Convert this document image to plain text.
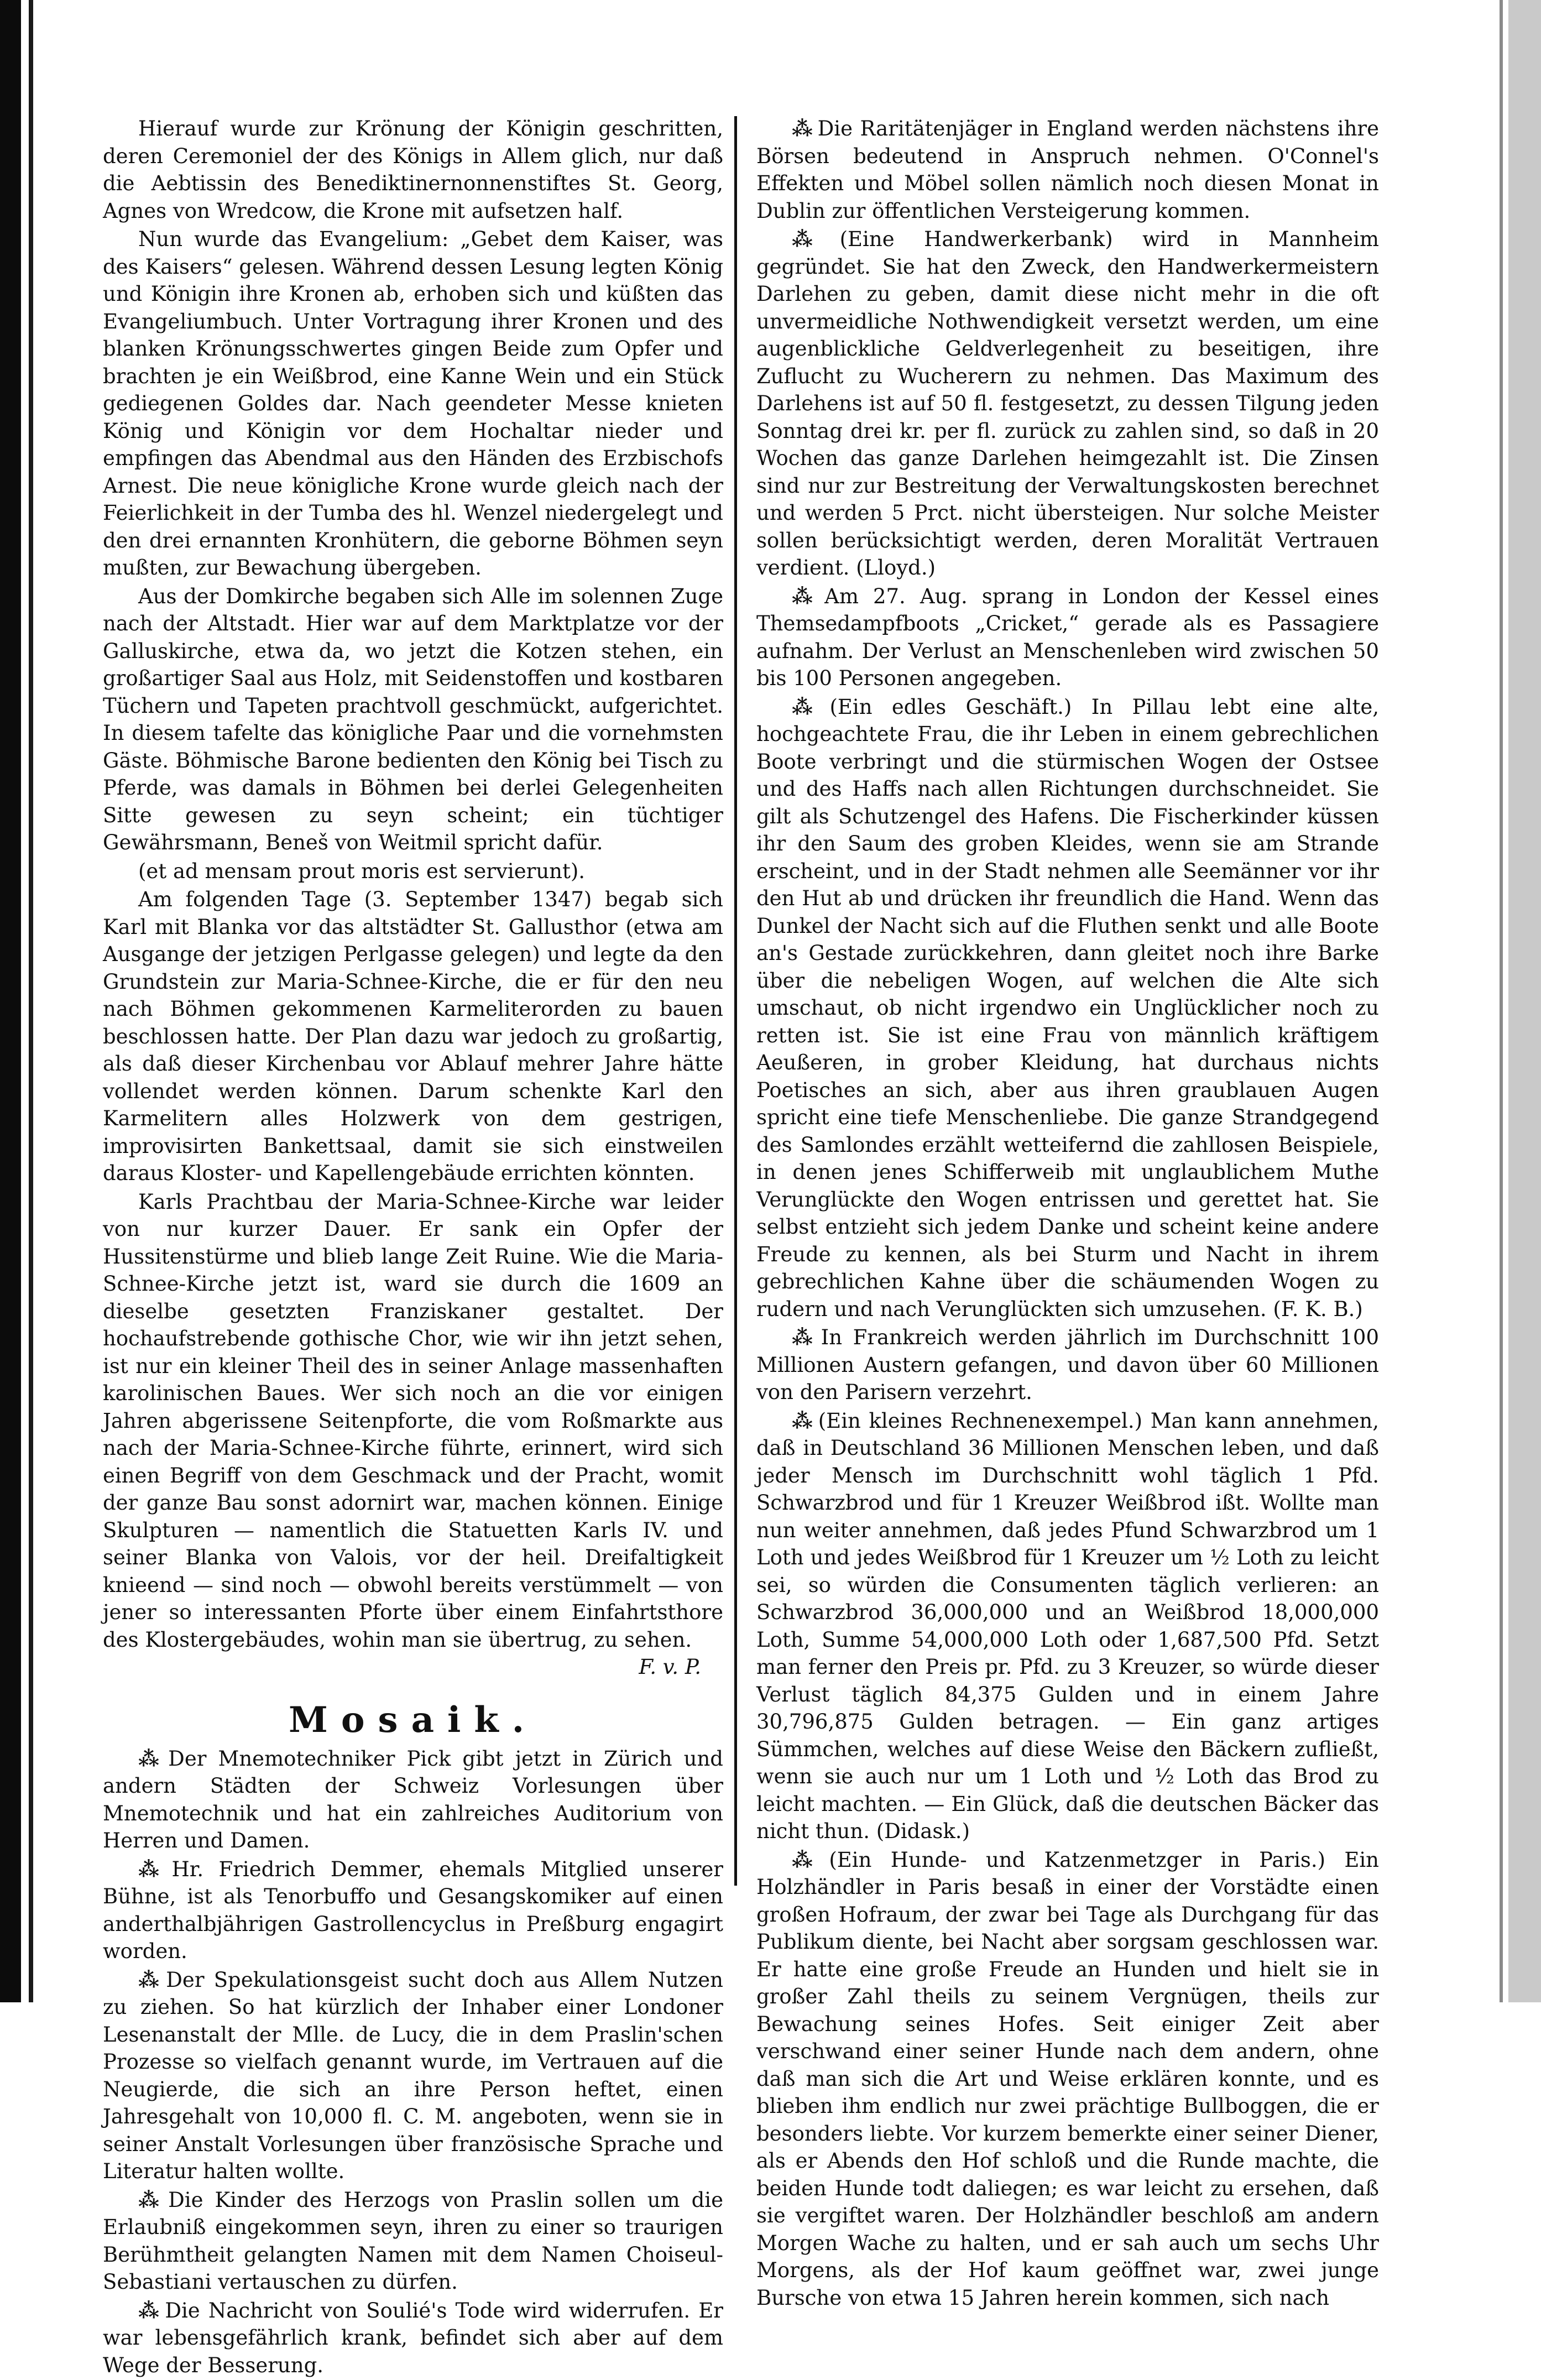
Hierauf wurde zur Krönung der Königin geschritten, deren Ceremoniel der des Königs in Allem glich, nur daß die Aebtissin des Benediktinernonnenstiftes St. Georg, Agnes von Wredcow, die Krone mit aufsetzen half.

Nun wurde das Evangelium: „Gebet dem Kaiser, was des Kaisers“ gelesen. Während dessen Lesung legten König und Königin ihre Kronen ab, erhoben sich und küßten das Evangeliumbuch. Unter Vortragung ihrer Kronen und des blanken Krönungsschwertes gingen Beide zum Opfer und brachten je ein Weißbrod, eine Kanne Wein und ein Stück gediegenen Goldes dar. Nach geendeter Messe knieten König und Königin vor dem Hochaltar nieder und empfingen das Abendmal aus den Händen des Erzbischofs Arnest. Die neue königliche Krone wurde gleich nach der Feierlichkeit in der Tumba des hl. Wenzel niedergelegt und den drei ernannten Kronhütern, die geborne Böhmen seyn mußten, zur Bewachung übergeben.

Aus der Domkirche begaben sich Alle im solennen Zuge nach der Altstadt. Hier war auf dem Marktplatze vor der Galluskirche, etwa da, wo jetzt die Kotzen stehen, ein großartiger Saal aus Holz, mit Seidenstoffen und kostbaren Tüchern und Tapeten prachtvoll geschmückt, aufgerichtet. In diesem tafelte das königliche Paar und die vornehmsten Gäste. Böhmische Barone bedienten den König bei Tisch zu Pferde, was damals in Böhmen bei derlei Gelegenheiten Sitte gewesen zu seyn scheint; ein tüchtiger Gewährsmann, Beneš von Weitmil spricht dafür.

(et ad mensam prout moris est servierunt).

Am folgenden Tage (3. September 1347) begab sich Karl mit Blanka vor das altstädter St. Gallusthor (etwa am Ausgange der jetzigen Perlgasse gelegen) und legte da den Grundstein zur Maria-Schnee-Kirche, die er für den neu nach Böhmen gekommenen Karmeliterorden zu bauen beschlossen hatte. Der Plan dazu war jedoch zu großartig, als daß dieser Kirchenbau vor Ablauf mehrer Jahre hätte vollendet werden können. Darum schenkte Karl den Karmelitern alles Holzwerk von dem gestrigen, improvisirten Bankettsaal, damit sie sich einstweilen daraus Kloster- und Kapellengebäude errichten könnten.

Karls Prachtbau der Maria-Schnee-Kirche war leider von nur kurzer Dauer. Er sank ein Opfer der Hussitenstürme und blieb lange Zeit Ruine. Wie die Maria-Schnee-Kirche jetzt ist, ward sie durch die 1609 an dieselbe gesetzten Franziskaner gestaltet. Der hochaufstrebende gothische Chor, wie wir ihn jetzt sehen, ist nur ein kleiner Theil des in seiner Anlage massenhaften karolinischen Baues. Wer sich noch an die vor einigen Jahren abgerissene Seitenpforte, die vom Roßmarkte aus nach der Maria-Schnee-Kirche führte, erinnert, wird sich einen Begriff von dem Geschmack und der Pracht, womit der ganze Bau sonst adornirt war, machen können. Einige Skulpturen — namentlich die Statuetten Karls IV. und seiner Blanka von Valois, vor der heil. Dreifaltigkeit knieend — sind noch — obwohl bereits verstümmelt — von jener so interessanten Pforte über einem Einfahrtsthore des Klostergebäudes, wohin man sie übertrug, zu sehen.
F. v. P.

Mosaik.

⁂ Der Mnemotechniker Pick gibt jetzt in Zürich und andern Städten der Schweiz Vorlesungen über Mnemotechnik und hat ein zahlreiches Auditorium von Herren und Damen.

⁂ Hr. Friedrich Demmer, ehemals Mitglied unserer Bühne, ist als Tenorbuffo und Gesangskomiker auf einen anderthalbjährigen Gastrollencyclus in Preßburg engagirt worden.

⁂ Der Spekulationsgeist sucht doch aus Allem Nutzen zu ziehen. So hat kürzlich der Inhaber einer Londoner Lesenanstalt der Mlle. de Lucy, die in dem Praslin'schen Prozesse so vielfach genannt wurde, im Vertrauen auf die Neugierde, die sich an ihre Person heftet, einen Jahresgehalt von 10,000 fl. C. M. angeboten, wenn sie in seiner Anstalt Vorlesungen über französische Sprache und Literatur halten wollte.

⁂ Die Kinder des Herzogs von Praslin sollen um die Erlaubniß eingekommen seyn, ihren zu einer so traurigen Berühmtheit gelangten Namen mit dem Namen Choiseul-Sebastiani vertauschen zu dürfen.

⁂ Die Nachricht von Soulié's Tode wird widerrufen. Er war lebensgefährlich krank, befindet sich aber auf dem Wege der Besserung.

⁂ Die Raritätenjäger in England werden nächstens ihre Börsen bedeutend in Anspruch nehmen. O'Connel's Effekten und Möbel sollen nämlich noch diesen Monat in Dublin zur öffentlichen Versteigerung kommen.

⁂ (Eine Handwerkerbank) wird in Mannheim gegründet. Sie hat den Zweck, den Handwerkermeistern Darlehen zu geben, damit diese nicht mehr in die oft unvermeidliche Nothwendigkeit versetzt werden, um eine augenblickliche Geldverlegenheit zu beseitigen, ihre Zuflucht zu Wucherern zu nehmen. Das Maximum des Darlehens ist auf 50 fl. festgesetzt, zu dessen Tilgung jeden Sonntag drei kr. per fl. zurück zu zahlen sind, so daß in 20 Wochen das ganze Darlehen heimgezahlt ist. Die Zinsen sind nur zur Bestreitung der Verwaltungskosten berechnet und werden 5 Prct. nicht übersteigen. Nur solche Meister sollen berücksichtigt werden, deren Moralität Vertrauen verdient. (Lloyd.)

⁂ Am 27. Aug. sprang in London der Kessel eines Themsedampfboots „Cricket,“ gerade als es Passagiere aufnahm. Der Verlust an Menschenleben wird zwischen 50 bis 100 Personen angegeben.

⁂ (Ein edles Geschäft.) In Pillau lebt eine alte, hochgeachtete Frau, die ihr Leben in einem gebrechlichen Boote verbringt und die stürmischen Wogen der Ostsee und des Haffs nach allen Richtungen durchschneidet. Sie gilt als Schutzengel des Hafens. Die Fischerkinder küssen ihr den Saum des groben Kleides, wenn sie am Strande erscheint, und in der Stadt nehmen alle Seemänner vor ihr den Hut ab und drücken ihr freundlich die Hand. Wenn das Dunkel der Nacht sich auf die Fluthen senkt und alle Boote an's Gestade zurückkehren, dann gleitet noch ihre Barke über die nebeligen Wogen, auf welchen die Alte sich umschaut, ob nicht irgendwo ein Unglücklicher noch zu retten ist. Sie ist eine Frau von männlich kräftigem Aeußeren, in grober Kleidung, hat durchaus nichts Poetisches an sich, aber aus ihren graublauen Augen spricht eine tiefe Menschenliebe. Die ganze Strandgegend des Samlondes erzählt wetteifernd die zahllosen Beispiele, in denen jenes Schifferweib mit unglaublichem Muthe Verunglückte den Wogen entrissen und gerettet hat. Sie selbst entzieht sich jedem Danke und scheint keine andere Freude zu kennen, als bei Sturm und Nacht in ihrem gebrechlichen Kahne über die schäumenden Wogen zu rudern und nach Verunglückten sich umzusehen. (F. K. B.)

⁂ In Frankreich werden jährlich im Durchschnitt 100 Millionen Austern gefangen, und davon über 60 Millionen von den Parisern verzehrt.

⁂ (Ein kleines Rechnenexempel.) Man kann annehmen, daß in Deutschland 36 Millionen Menschen leben, und daß jeder Mensch im Durchschnitt wohl täglich 1 Pfd. Schwarzbrod und für 1 Kreuzer Weißbrod ißt. Wollte man nun weiter annehmen, daß jedes Pfund Schwarzbrod um 1 Loth und jedes Weißbrod für 1 Kreuzer um ½ Loth zu leicht sei, so würden die Consumenten täglich verlieren: an Schwarzbrod 36,000,000 und an Weißbrod 18,000,000 Loth, Summe 54,000,000 Loth oder 1,687,500 Pfd. Setzt man ferner den Preis pr. Pfd. zu 3 Kreuzer, so würde dieser Verlust täglich 84,375 Gulden und in einem Jahre 30,796,875 Gulden betragen. — Ein ganz artiges Sümmchen, welches auf diese Weise den Bäckern zufließt, wenn sie auch nur um 1 Loth und ½ Loth das Brod zu leicht machten. — Ein Glück, daß die deutschen Bäcker das nicht thun. (Didask.)

⁂ (Ein Hunde- und Katzenmetzger in Paris.) Ein Holzhändler in Paris besaß in einer der Vorstädte einen großen Hofraum, der zwar bei Tage als Durchgang für das Publikum diente, bei Nacht aber sorgsam geschlossen war. Er hatte eine große Freude an Hunden und hielt sie in großer Zahl theils zu seinem Vergnügen, theils zur Bewachung seines Hofes. Seit einiger Zeit aber verschwand einer seiner Hunde nach dem andern, ohne daß man sich die Art und Weise erklären konnte, und es blieben ihm endlich nur zwei prächtige Bullboggen, die er besonders liebte. Vor kurzem bemerkte einer seiner Diener, als er Abends den Hof schloß und die Runde machte, die beiden Hunde todt daliegen; es war leicht zu ersehen, daß sie vergiftet waren. Der Holzhändler beschloß am andern Morgen Wache zu halten, und er sah auch um sechs Uhr Morgens, als der Hof kaum geöffnet war, zwei junge Bursche von etwa 15 Jahren herein kommen, sich nach
